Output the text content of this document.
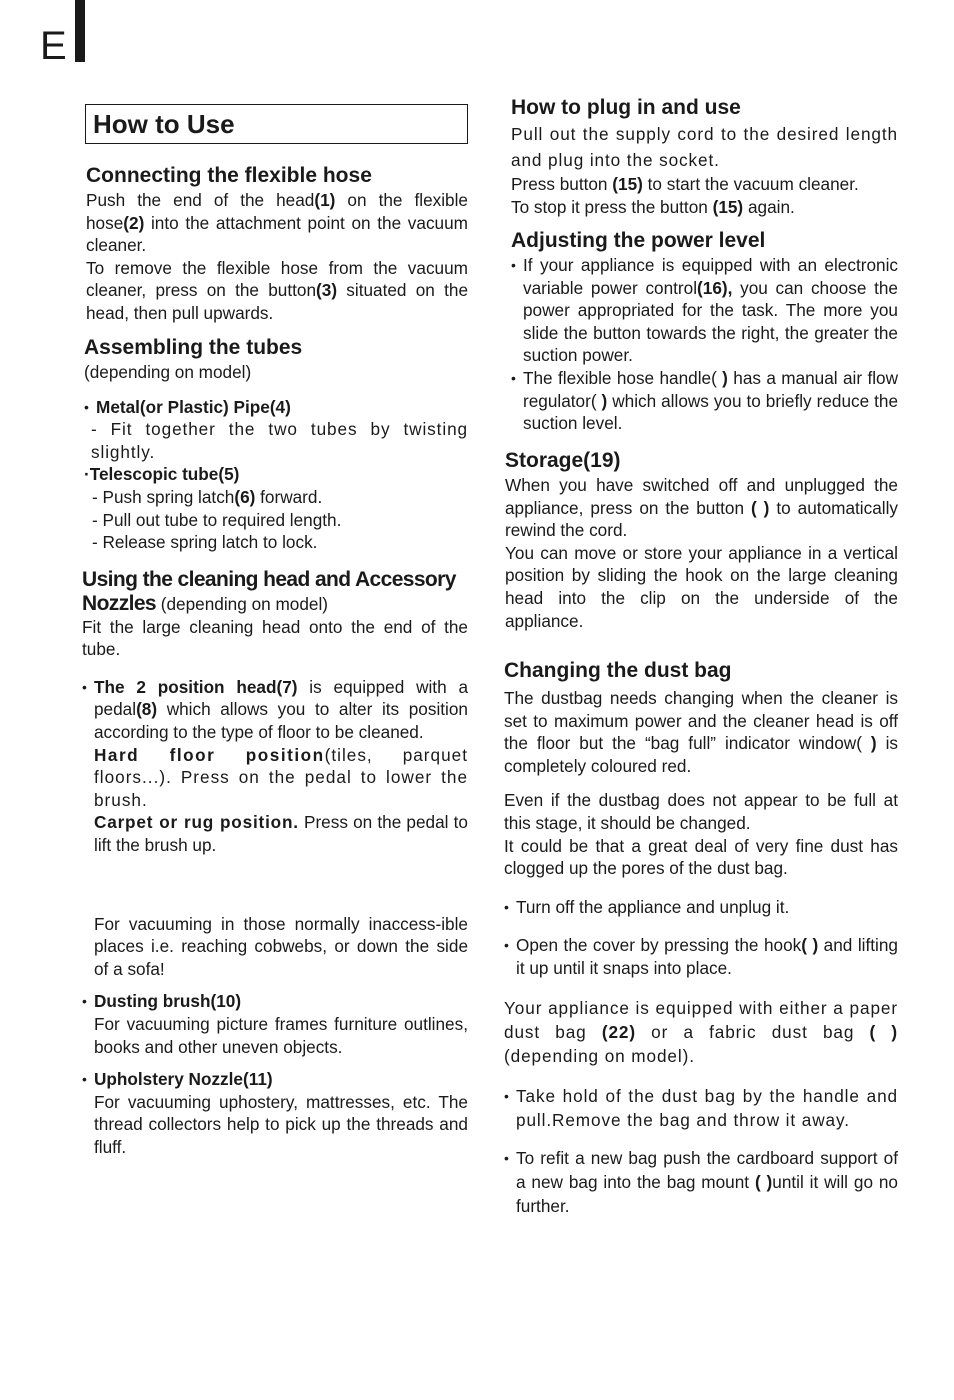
E
How to Use
Connecting the flexible hose

Push the end of the head(1) on the flexible hose(2) into the attachment point on the vacuum cleaner.

To remove the flexible hose from the vacuum cleaner, press on the button(3) situated on the head, then pull upwards.

Assembling the tubes

(depending on model)

• Metal(or Plastic) Pipe(4)

- Fit together the two tubes by twisting slightly.

·Telescopic tube(5)

- Push spring latch(6) forward.

- Pull out tube to required length.

- Release spring latch to lock.

Using the cleaning head and Accessory

Nozzles (depending on model)

Fit the large cleaning head onto the end of the tube.

• The 2 position head(7) is equipped with a pedal(8) which allows you to alter its position according to the type of floor to be cleaned.

Hard floor position(tiles, parquet floors...). Press on the pedal to lower the brush.

Carpet or rug position. Press on the pedal to lift the brush up.

For vacuuming in those normally inaccess-ible places i.e. reaching cobwebs, or down the side of a sofa!

• Dusting brush(10)

For vacuuming picture frames furniture outlines, books and other uneven objects.

• Upholstery Nozzle(11)

For vacuuming uphostery, mattresses, etc. The thread collectors help to pick up the threads and fluff.

How to plug in and use

Pull out the supply cord to the desired length and plug into the socket.

Press button (15) to start the vacuum cleaner.

To stop it press the button (15) again.

Adjusting the power level

• If your appliance is equipped with an electronic variable power control(16), you can choose the power appropriated for the task. The more you slide the button towards the right, the greater the suction power.

• The flexible hose handle( ) has a manual air flow regulator( ) which allows you to briefly reduce the suction level.

Storage(19)

When you have switched off and unplugged the appliance, press on the button ( ) to automatically rewind the cord.

You can move or store your appliance in a vertical position by sliding the hook on the large cleaning head into the clip on the underside of the appliance.

Changing the dust bag

The dustbag needs changing when the cleaner is set to maximum power and the cleaner head is off the floor but the “bag full” indicator window( ) is completely coloured red.

Even if the dustbag does not appear to be full at this stage, it should be changed.

It could be that a great deal of very fine dust has clogged up the pores of the dust bag.

• Turn off the appliance and unplug it.

• Open the cover by pressing the hook( ) and lifting it up until it snaps into place.

Your appliance is equipped with either a paper dust bag (22) or a fabric dust bag ( )(depending on model).

• Take hold of the dust bag by the handle and pull.Remove the bag and throw it away.

• To refit a new bag push the cardboard support of a new bag into the bag mount ( )until it will go no further.
